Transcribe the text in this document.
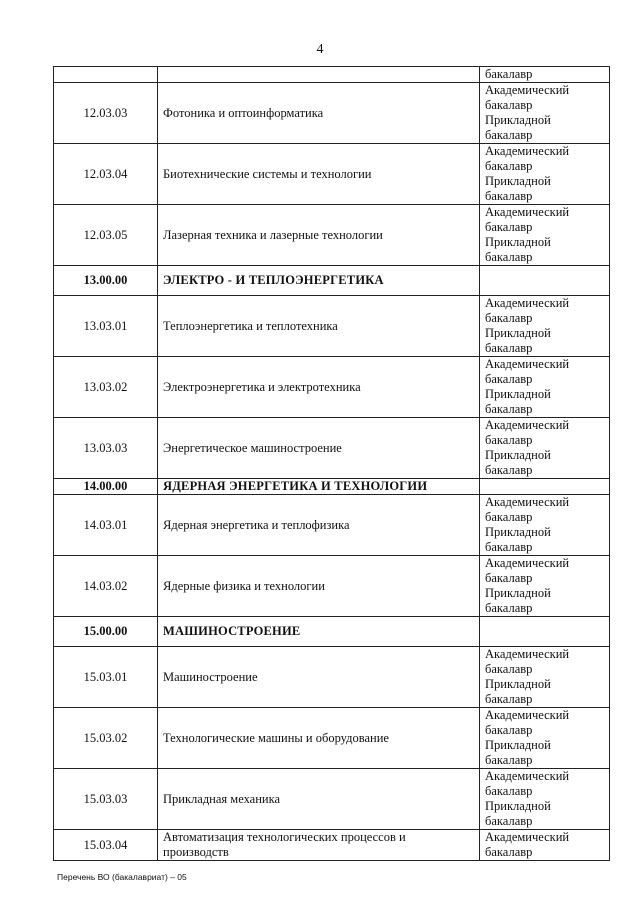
4

		бакалавр

12.03.03	Фотоника и оптоинформатика	Академический
бакалавр
Прикладной
бакалавр

12.03.04	Биотехнические системы и технологии	Академический
бакалавр
Прикладной
бакалавр

12.03.05	Лазерная техника и лазерные технологии	Академический
бакалавр
Прикладной
бакалавр

13.00.00	ЭЛЕКТРО - И ТЕПЛОЭНЕРГЕТИКА	
13.03.01	Теплоэнергетика и теплотехника	Академический
бакалавр
Прикладной
бакалавр

13.03.02	Электроэнергетика и электротехника	Академический
бакалавр
Прикладной
бакалавр

13.03.03	Энергетическое машиностроение	Академический
бакалавр
Прикладной
бакалавр

14.00.00	ЯДЕРНАЯ ЭНЕРГЕТИКА И ТЕХНОЛОГИИ	
14.03.01	Ядерная энергетика и теплофизика	Академический
бакалавр
Прикладной
бакалавр

14.03.02	Ядерные физика и технологии	Академический
бакалавр
Прикладной
бакалавр

15.00.00	МАШИНОСТРОЕНИЕ	
15.03.01	Машиностроение	Академический
бакалавр
Прикладной
бакалавр

15.03.02	Технологические машины и оборудование	Академический
бакалавр
Прикладной
бакалавр

15.03.03	Прикладная механика	Академический
бакалавр
Прикладной
бакалавр

15.03.04	Автоматизация технологических процессов и производств	Академический
бакалавр
Перечень ВО (бакалавриат) – 05
